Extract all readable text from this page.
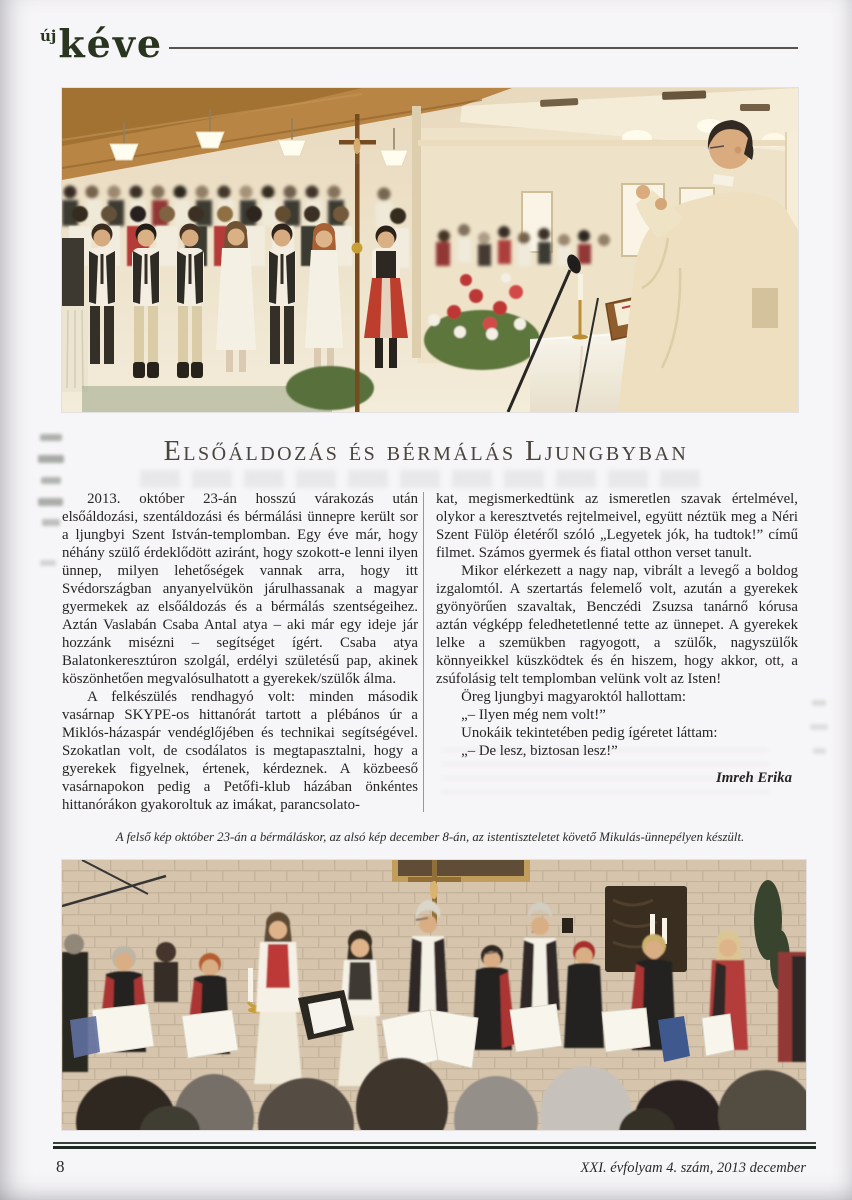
újkéve
Elsőáldozás és bérmálás Ljungbyban

2013. október 23-án hosszú várakozás után elsőáldozási, szentáldozási és bérmálási ünnepre került sor a ljungbyi Szent István-templomban. Egy éve már, hogy néhány szülő érdeklődött aziránt, hogy szokott-e lenni ilyen ünnep, milyen lehetőségek vannak arra, hogy itt Svédországban anyanyelvükön járulhassanak a magyar gyermekek az elsőáldozás és a bérmálás szentségeihez. Aztán Vaslabán Csaba Antal atya – aki már egy ideje jár hozzánk misézni – segítséget ígért. Csaba atya Balatonkeresztúron szolgál, erdélyi születésű pap, akinek köszönhetően megvalósulhatott a gyerekek/szülők álma.

A felkészülés rendhagyó volt: minden második vasárnap SKYPE-os hittanórát tartott a plébános úr a Miklós-házaspár vendéglőjében és technikai segítségével. Szokatlan volt, de csodálatos is megtapasztalni, hogy a gyerekek figyelnek, értenek, kérdeznek. A közbeeső vasárnapokon pedig a Petőfi-klub házában önkéntes hittanórákon gyakoroltuk az imákat, parancsolato-

kat, megismerkedtünk az ismeretlen szavak értelmével, olykor a keresztvetés rejtelmeivel, együtt néztük meg a Néri Szent Fülöp életéről szóló „Legyetek jók, ha tudtok!” című filmet. Számos gyermek és fiatal otthon verset tanult.

Mikor elérkezett a nagy nap, vibrált a levegő a boldog izgalomtól. A szertartás felemelő volt, azután a gyerekek gyönyörűen szavaltak, Benczédi Zsuzsa tanárnő kórusa aztán végképp feledhetetlenné tette az ünnepet. A gyerekek lelke a szemükben ragyogott, a szülők, nagyszülők könnyeikkel küszködtek és én hiszem, hogy akkor, ott, a zsúfolásig telt templomban velünk volt az Isten!

Öreg ljungbyi magyaroktól hallottam:

„– Ilyen még nem volt!”

Unokáik tekintetében pedig ígéretet láttam:

„– De lesz, biztosan lesz!”

Imreh Erika

A felső kép október 23-án a bérmáláskor, az alsó kép december 8-án, az istentiszteletet követő Mikulás-ünnepélyen készült.

8	XXI. évfolyam 4. szám, 2013 december
